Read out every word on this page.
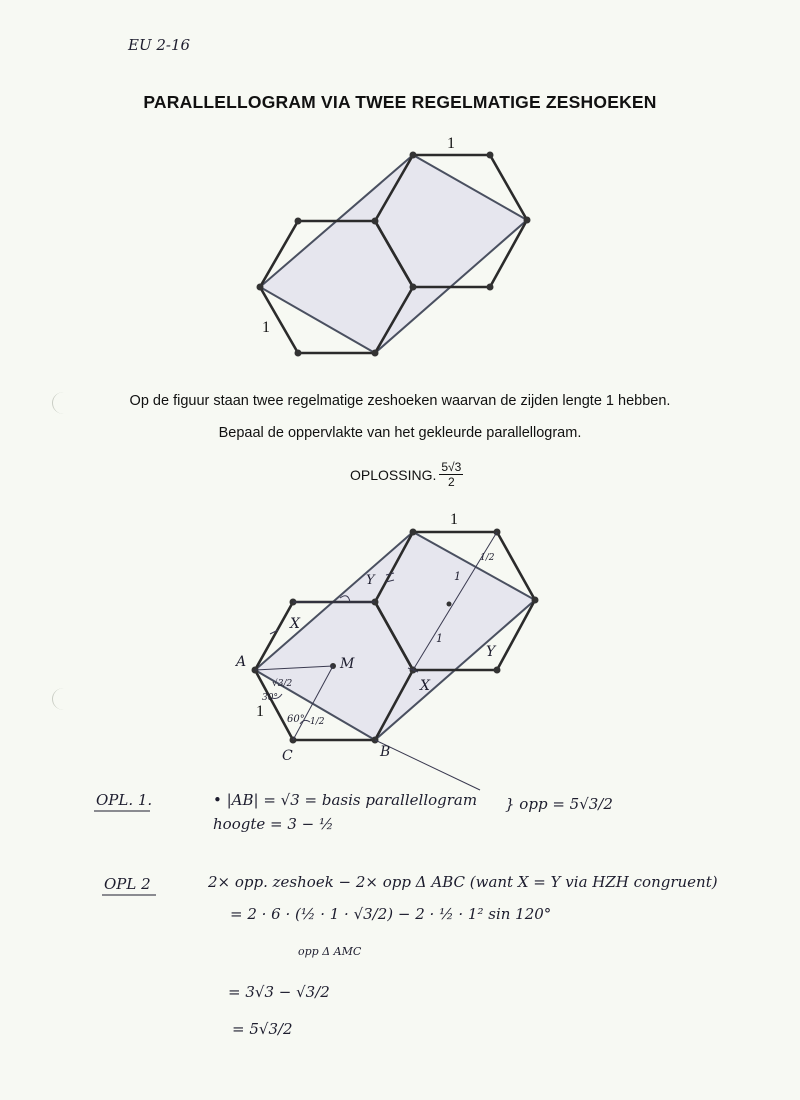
EU 2-16
PARALLELLOGRAM VIA TWEE REGELMATIGE ZESHOEKEN
1
1
Op de figuur staan twee regelmatige zeshoeken waarvan de zijden lengte 1 hebben.
Bepaal de oppervlakte van het gekleurde parallellogram.
OPLOSSING. $\frac{5√3}{2}$
1
1
A
B
C
M
X
X
Y
Y
√3/2
1/2
1/2
30°
60°
1
1
OPL. 1.	• |AB| = √3 = basis parallellogram
hoogte = 3 − ½
} opp = 5√3/2
OPL 2	2× opp. zeshoek − 2× opp Δ ABC (want X = Y via HZH congruent)
= 2 · 6 · (½ · 1 · √3/2) − 2 · ½ · 1² sin 120°
opp Δ AMC
= 3√3 − √3/2
= 5√3/2
